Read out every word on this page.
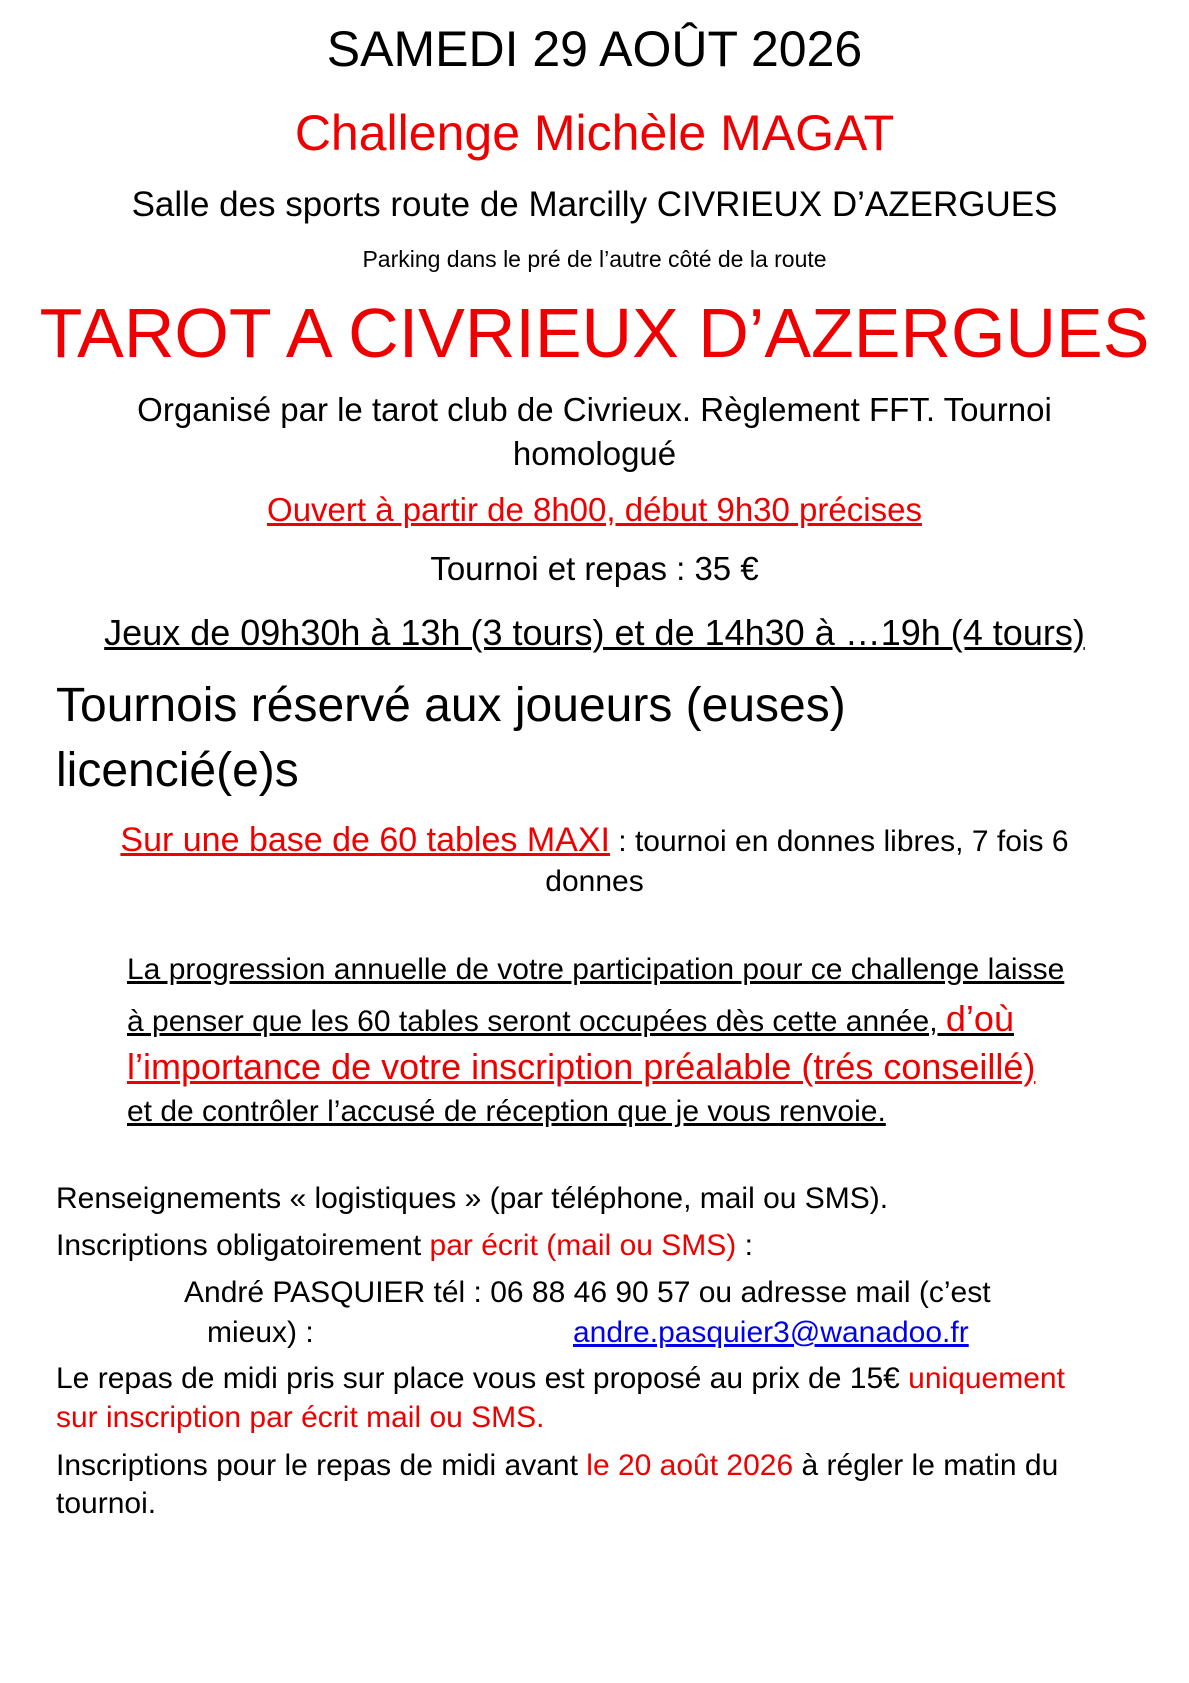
SAMEDI 29 AOÛT 2026
Challenge Michèle MAGAT
Salle des sports route de Marcilly CIVRIEUX D’AZERGUES
Parking dans le pré de l’autre côté de la route
TAROT A CIVRIEUX D’AZERGUES
Organisé par le tarot club de Civrieux. Règlement FFT. Tournoi
homologué
Ouvert à partir de 8h00, début 9h30 précises
Tournoi et repas : 35 €
Jeux de 09h30h à 13h (3 tours) et de 14h30 à …19h (4 tours)
Tournois réservé aux joueurs (euses)
licencié(e)s
Sur une base de 60 tables MAXI : tournoi en donnes libres, 7 fois 6
donnes
La progression annuelle de votre participation pour ce challenge laisse
à penser que les 60 tables seront occupées dès cette année, d’où
l’importance de votre inscription préalable (trés conseillé)
et de contrôler l’accusé de réception que je vous renvoie.
Renseignements « logistiques » (par téléphone, mail ou SMS).
Inscriptions obligatoirement par écrit (mail ou SMS) :
André PASQUIER tél : 06 88 46 90 57 ou adresse mail (c’est
mieux) :	andre.pasquier3@wanadoo.fr
Le repas de midi pris sur place vous est proposé au prix de 15€ uniquement
sur inscription par écrit mail ou SMS.
Inscriptions pour le repas de midi avant le 20 août 2026 à régler le matin du
tournoi.
